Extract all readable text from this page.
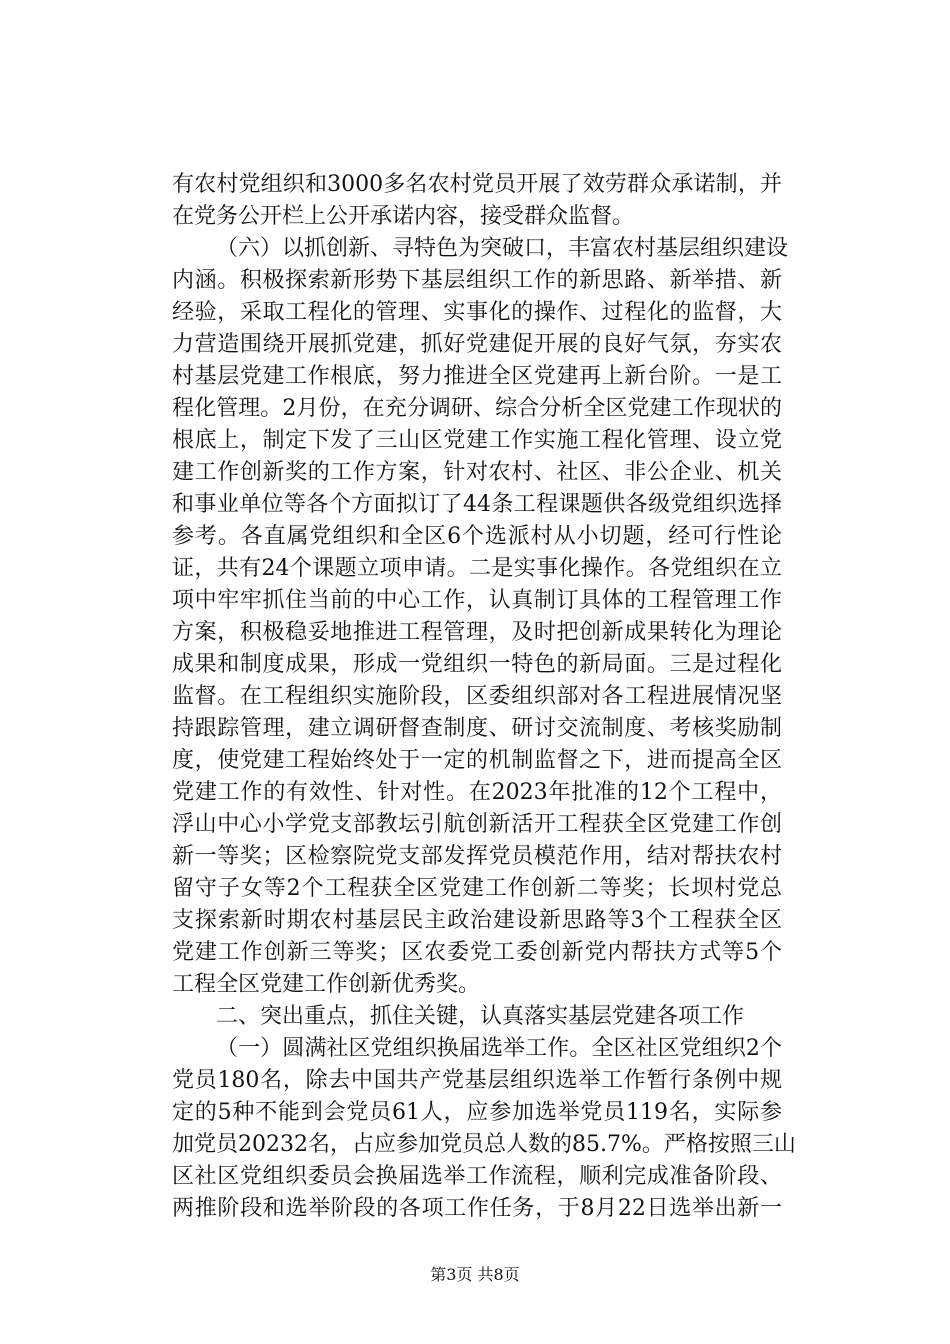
有农村党组织和3000多名农村党员开展了效劳群众承诺制，并
在党务公开栏上公开承诺内容，接受群众监督。
（六）以抓创新、寻特色为突破口，丰富农村基层组织建设
内涵。积极探索新形势下基层组织工作的新思路、新举措、新
经验，采取工程化的管理、实事化的操作、过程化的监督，大
力营造围绕开展抓党建，抓好党建促开展的良好气氛，夯实农
村基层党建工作根底，努力推进全区党建再上新台阶。一是工
程化管理。2月份，在充分调研、综合分析全区党建工作现状的
根底上，制定下发了三山区党建工作实施工程化管理、设立党
建工作创新奖的工作方案，针对农村、社区、非公企业、机关
和事业单位等各个方面拟订了44条工程课题供各级党组织选择
参考。各直属党组织和全区6个选派村从小切题，经可行性论
证，共有24个课题立项申请。二是实事化操作。各党组织在立
项中牢牢抓住当前的中心工作，认真制订具体的工程管理工作
方案，积极稳妥地推进工程管理，及时把创新成果转化为理论
成果和制度成果，形成一党组织一特色的新局面。三是过程化
监督。在工程组织实施阶段，区委组织部对各工程进展情况坚
持跟踪管理，建立调研督查制度、研讨交流制度、考核奖励制
度，使党建工程始终处于一定的机制监督之下，进而提高全区
党建工作的有效性、针对性。在2023年批准的12个工程中，
浮山中心小学党支部教坛引航创新活开工程获全区党建工作创
新一等奖；区检察院党支部发挥党员模范作用，结对帮扶农村
留守子女等2个工程获全区党建工作创新二等奖；长坝村党总
支探索新时期农村基层民主政治建设新思路等3个工程获全区
党建工作创新三等奖；区农委党工委创新党内帮扶方式等5个
工程全区党建工作创新优秀奖。
二、突出重点，抓住关键，认真落实基层党建各项工作
（一）圆满社区党组织换届选举工作。全区社区党组织2个
党员180名，除去中国共产党基层组织选举工作暂行条例中规
定的5种不能到会党员61人，应参加选举党员119名，实际参
加党员20232名，占应参加党员总人数的85.7%。严格按照三山
区社区党组织委员会换届选举工作流程，顺利完成准备阶段、
两推阶段和选举阶段的各项工作任务，于8月22日选举出新一
第3页 共8页
